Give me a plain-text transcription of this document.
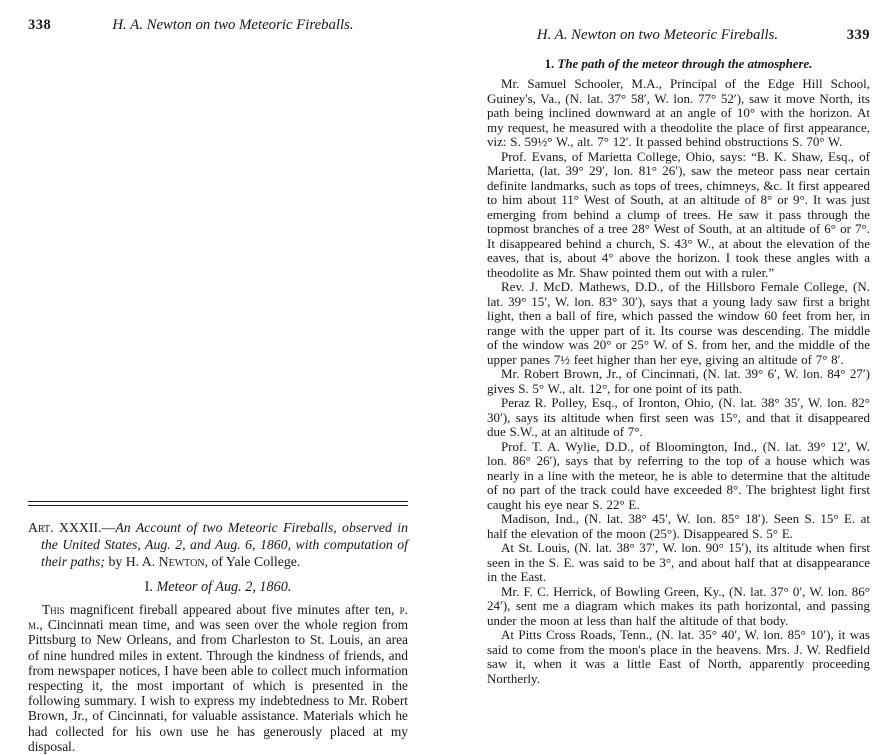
338	H. A. Newton on two Meteoric Fireballs.

Art. XXXII.—An Account of two Meteoric Fireballs, observed in the United States, Aug. 2, and Aug. 6, 1860, with computation of their paths; by H. A. Newton, of Yale College.

I. Meteor of Aug. 2, 1860.

This magnificent fireball appeared about five minutes after ten, p. m., Cincinnati mean time, and was seen over the whole region from Pittsburg to New Orleans, and from Charleston to St. Louis, an area of nine hundred miles in extent. Through the kindness of friends, and from newspaper notices, I have been able to collect much information respecting it, the most important of which is presented in the following summary. I wish to express my indebtedness to Mr. Robert Brown, Jr., of Cincinnati, for valuable assistance. Materials which he had collected for his own use he has generously placed at my disposal.

H. A. Newton on two Meteoric Fireballs.	339

1. The path of the meteor through the atmosphere.

Mr. Samuel Schooler, M.A., Principal of the Edge Hill School, Guiney's, Va., (N. lat. 37° 58′, W. lon. 77° 52′), saw it move North, its path being inclined downward at an angle of 10° with the horizon. At my request, he measured with a theodolite the place of first appearance, viz: S. 59½° W., alt. 7° 12′. It passed behind obstructions S. 70° W.

Prof. Evans, of Marietta College, Ohio, says: “B. K. Shaw, Esq., of Marietta, (lat. 39° 29′, lon. 81° 26′), saw the meteor pass near certain definite landmarks, such as tops of trees, chimneys, &c. It first appeared to him about 11° West of South, at an altitude of 8° or 9°. It was just emerging from behind a clump of trees. He saw it pass through the topmost branches of a tree 28° West of South, at an altitude of 6° or 7°. It disappeared behind a church, S. 43° W., at about the elevation of the eaves, that is, about 4° above the horizon. I took these angles with a theodolite as Mr. Shaw pointed them out with a ruler.”

Rev. J. McD. Mathews, D.D., of the Hillsboro Female College, (N. lat. 39° 15′, W. lon. 83° 30′), says that a young lady saw first a bright light, then a ball of fire, which passed the window 60 feet from her, in range with the upper part of it. Its course was descending. The middle of the window was 20° or 25° W. of S. from her, and the middle of the upper panes 7½ feet higher than her eye, giving an altitude of 7° 8′.

Mr. Robert Brown, Jr., of Cincinnati, (N. lat. 39° 6′, W. lon. 84° 27′) gives S. 5° W., alt. 12°, for one point of its path.

Peraz R. Polley, Esq., of Ironton, Ohio, (N. lat. 38° 35′, W. lon. 82° 30′), says its altitude when first seen was 15°, and that it disappeared due S.W., at an altitude of 7°.

Prof. T. A. Wylie, D.D., of Bloomington, Ind., (N. lat. 39° 12′, W. lon. 86° 26′), says that by referring to the top of a house which was nearly in a line with the meteor, he is able to determine that the altitude of no part of the track could have exceeded 8°. The brightest light first caught his eye near S. 22° E.

Madison, Ind., (N. lat. 38° 45′, W. lon. 85° 18′). Seen S. 15° E. at half the elevation of the moon (25°). Disappeared S. 5° E.

At St. Louis, (N. lat. 38° 37′, W. lon. 90° 15′), its altitude when first seen in the S. E. was said to be 3°, and about half that at disappearance in the East.

Mr. F. C. Herrick, of Bowling Green, Ky., (N. lat. 37° 0′, W. lon. 86° 24′), sent me a diagram which makes its path horizontal, and passing under the moon at less than half the altitude of that body.

At Pitts Cross Roads, Tenn., (N. lat. 35° 40′, W. lon. 85° 10′), it was said to come from the moon's place in the heavens. Mrs. J. W. Redfield saw it, when it was a little East of North, apparently proceeding Northerly.
